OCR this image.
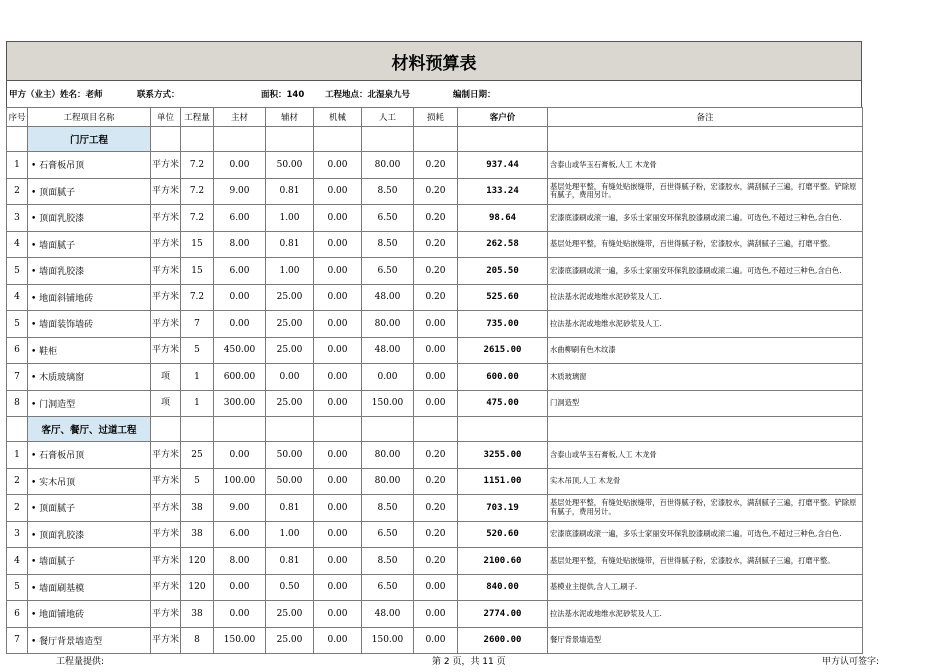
材料预算表
甲方（业主）姓名：老师	联系方式：	面积：140 工程地点：北湿泉九号	编制日期：
序号	工程项目名称	单位	工程量	主材	辅材	机械	人工	损耗	客户价	备注
	门厅工程									
1	• 石膏板吊顶	平方米	7.2	0.00	50.00	0.00	80.00	0.20	937.44	含泰山或华玉石膏板,人工 木龙骨
2	• 顶面腻子	平方米	7.2	9.00	0.81	0.00	8.50	0.20	133.24	基层处理平整，有缝处贴嵌缝带，百世得腻子粉，宏漆胶水，满刮腻子三遍，打磨平整。铲除原有腻子，费用另计。
3	• 顶面乳胶漆	平方米	7.2	6.00	1.00	0.00	6.50	0.20	98.64	宏漆底漆刷或滚一遍，多乐士家丽安环保乳胶漆刷或滚二遍。可选色,不超过三种色,含白色.
4	• 墙面腻子	平方米	15	8.00	0.81	0.00	8.50	0.20	262.58	基层处理平整，有缝处贴嵌缝带，百世得腻子粉，宏漆胶水，满刮腻子三遍，打磨平整。
5	• 墙面乳胶漆	平方米	15	6.00	1.00	0.00	6.50	0.20	205.50	宏漆底漆刷或滚一遍，多乐士家丽安环保乳胶漆刷或滚二遍。可选色,不超过三种色,含白色.
4	• 地面斜铺地砖	平方米	7.2	0.00	25.00	0.00	48.00	0.20	525.60	拉法基水泥或地维水泥砂浆及人工.
5	• 墙面装饰墙砖	平方米	7	0.00	25.00	0.00	80.00	0.00	735.00	拉法基水泥或地维水泥砂浆及人工.
6	• 鞋柜	平方米	5	450.00	25.00	0.00	48.00	0.00	2615.00	水曲柳刷有色木纹漆
7	• 木质玻璃窗	项	1	600.00	0.00	0.00	0.00	0.00	600.00	木质玻璃窗
8	• 门洞造型	项	1	300.00	25.00	0.00	150.00	0.00	475.00	门洞造型
	客厅、餐厅、过道工程									
1	• 石膏板吊顶	平方米	25	0.00	50.00	0.00	80.00	0.20	3255.00	含泰山或华玉石膏板,人工 木龙骨
2	• 实木吊顶	平方米	5	100.00	50.00	0.00	80.00	0.20	1151.00	实木吊顶,人工 木龙骨
2	• 顶面腻子	平方米	38	9.00	0.81	0.00	8.50	0.20	703.19	基层处理平整，有缝处贴嵌缝带，百世得腻子粉，宏漆胶水，满刮腻子三遍，打磨平整。铲除原有腻子，费用另计。
3	• 顶面乳胶漆	平方米	38	6.00	1.00	0.00	6.50	0.20	520.60	宏漆底漆刷或滚一遍，多乐士家丽安环保乳胶漆刷或滚二遍。可选色,不超过三种色,含白色.
4	• 墙面腻子	平方米	120	8.00	0.81	0.00	8.50	0.20	2100.60	基层处理平整，有缝处贴嵌缝带，百世得腻子粉，宏漆胶水，满刮腻子三遍，打磨平整。
5	• 墙面刷基模	平方米	120	0.00	0.50	0.00	6.50	0.00	840.00	基模业主提供,含人工,刷子.
6	• 地面铺地砖	平方米	38	0.00	25.00	0.00	48.00	0.00	2774.00	拉法基水泥或地维水泥砂浆及人工.
7	• 餐厅背景墙造型	平方米	8	150.00	25.00	0.00	150.00	0.00	2600.00	餐厅背景墙造型
工程量提供:	第 2 页，共 11 页	甲方认可签字:
